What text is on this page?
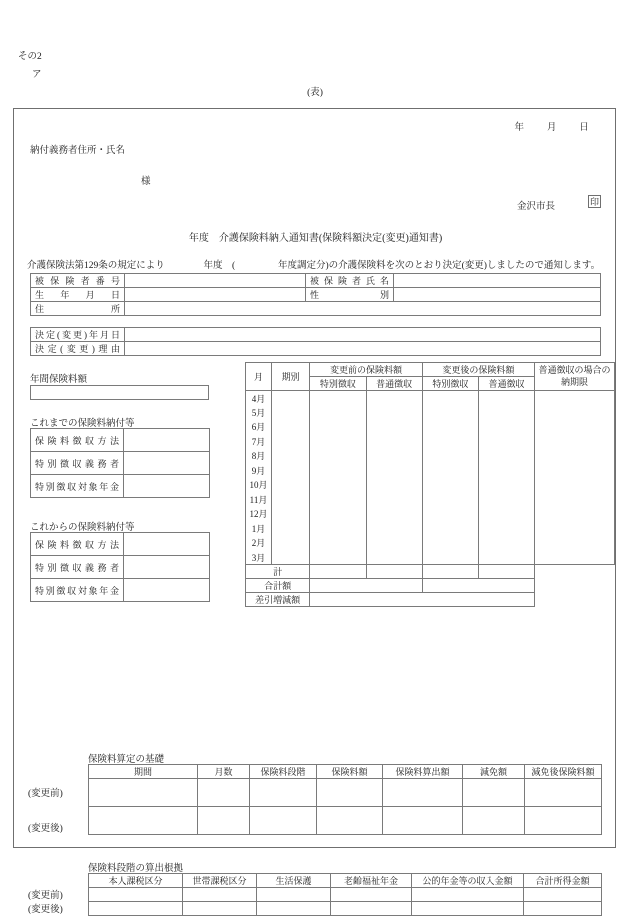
その2
ア
(表)
年 月 日
納付義務者住所・氏名
様
金沢市長	印
年度　介護保険料納入通知書(保険料額決定(変更)通知書)
介護保険法第129条の規定により	年度　(	年度調定分)の介護保険料を次のとおり決定(変更)しましたので通知します。
被保険者番号		被保険者氏名	
生年月日		性別	
住所			
決定(変更)年月日	
決定(変更)理由	
年間保険料額
これまでの保険料納付等
保険料徴収方法	
特別徴収義務者	
特別徴収対象年金	
これからの保険料納付等
保険料徴収方法	
特別徴収義務者	
特別徴収対象年金	
月	期別	変更前の保険料額		変更後の保険料額		普通徴収の場合の納期限
		特別徴収	普通徴収	特別徴収	普通徴収	
4月						
5月						
6月						
7月						
8月						
9月						
10月						
11月						
12月						
1月						
2月						
3月						
計						
合計額						
差引増減額						
保険料算定の基礎
(変更前)
(変更後)
期間	月数	保険料段階	保険料額	保険料算出額	減免額	減免後保険料額

保険料段階の算出根拠
(変更前)
(変更後)
本人課税区分	世帯課税区分	生活保護	老齢福祉年金	公的年金等の収入金額	合計所得金額
